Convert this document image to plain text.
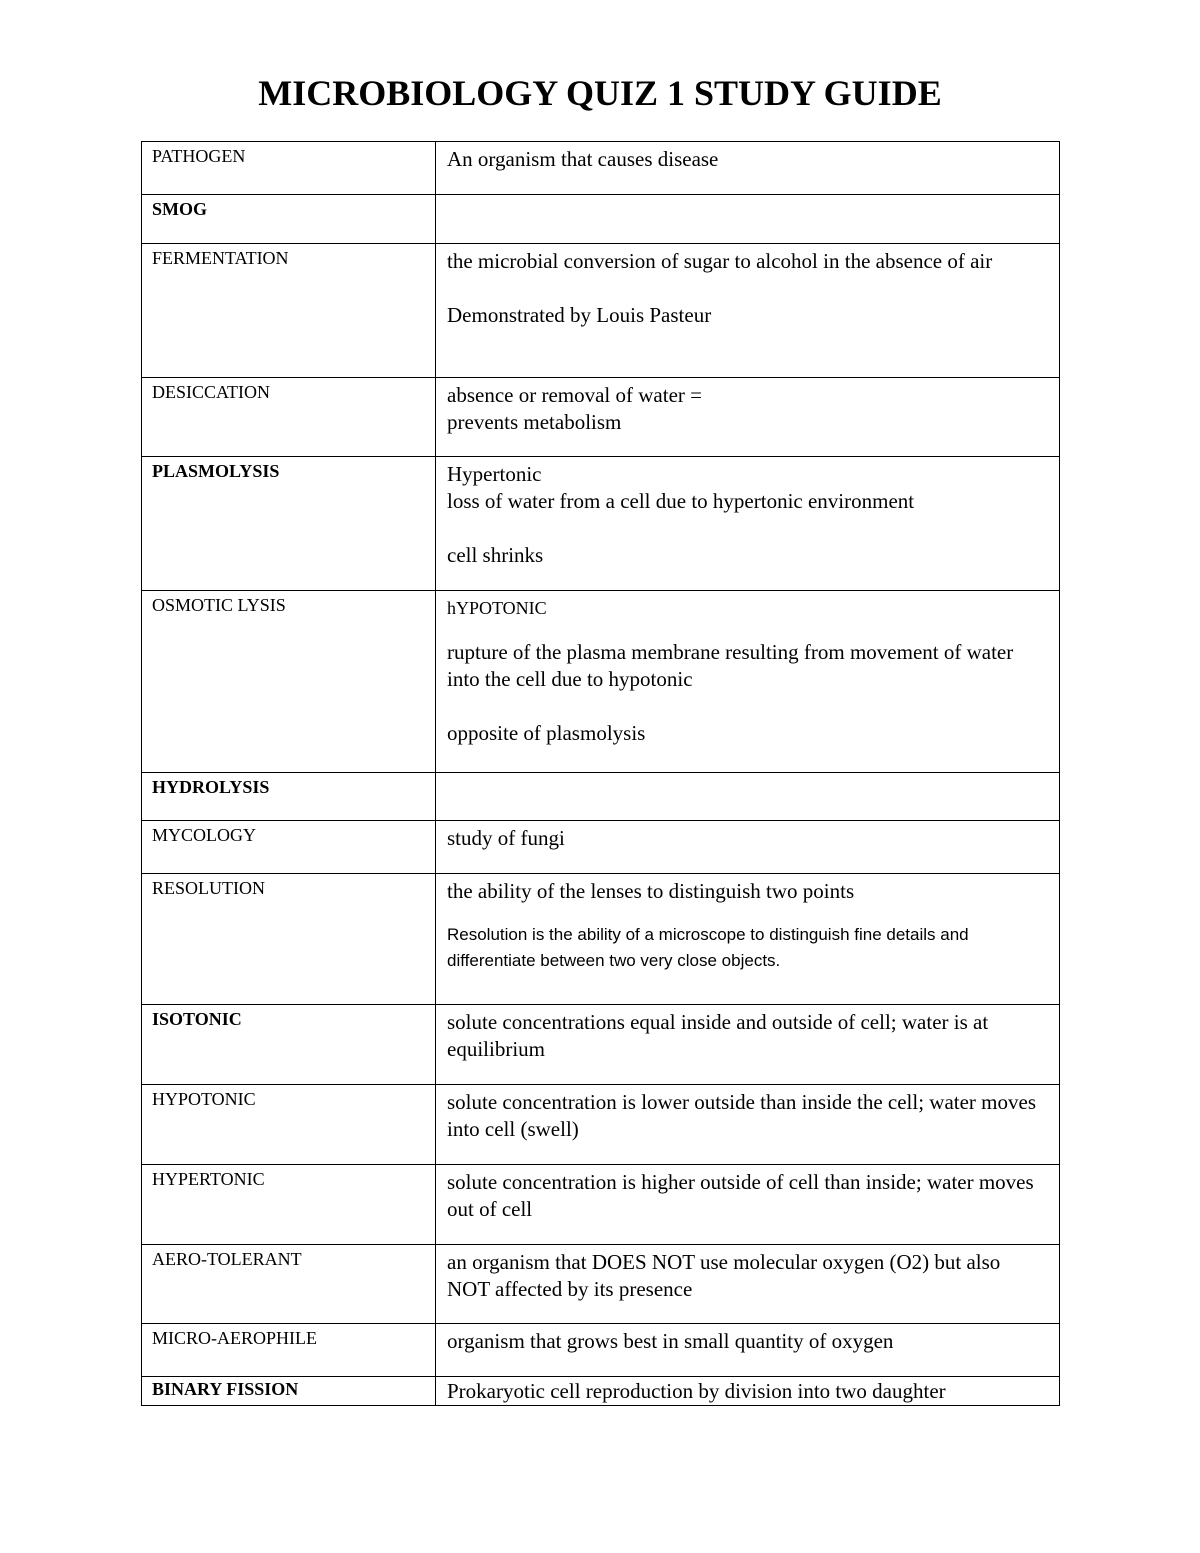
MICROBIOLOGY QUIZ 1 STUDY GUIDE
PATHOGEN	An organism that causes disease

SMOG	
FERMENTATION	the microbial conversion of sugar to alcohol in the absence of air

Demonstrated by Louis Pasteur

DESICCATION	absence or removal of water =

prevents metabolism

PLASMOLYSIS	Hypertonic

loss of water from a cell due to hypertonic environment

cell shrinks

OSMOTIC LYSIS	hYPOTONIC

rupture of the plasma membrane resulting from movement of water into the cell due to hypotonic

opposite of plasmolysis

HYDROLYSIS	
MYCOLOGY	study of fungi

RESOLUTION	the ability of the lenses to distinguish two points

Resolution is the ability of a microscope to distinguish fine details and differentiate between two very close objects.

ISOTONIC	solute concentrations equal inside and outside of cell; water is at equilibrium

HYPOTONIC	solute concentration is lower outside than inside the cell; water moves into cell (swell)

HYPERTONIC	solute concentration is higher outside of cell than inside; water moves out of cell

AERO-TOLERANT	an organism that DOES NOT use molecular oxygen (O2) but also NOT affected by its presence

MICRO-AEROPHILE	organism that grows best in small quantity of oxygen

BINARY FISSION	Prokaryotic cell reproduction by division into two daughter
